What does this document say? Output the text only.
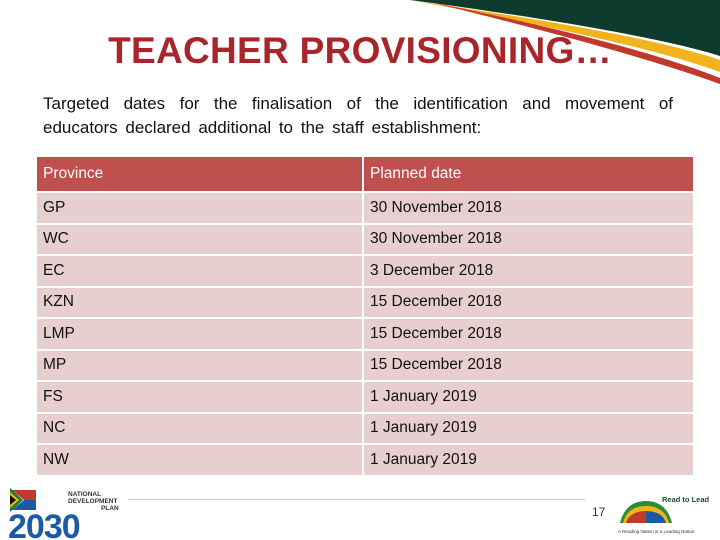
TEACHER PROVISIONING…

Targeted dates for the finalisation of the identification and movement of educators declared additional to the staff establishment:

Province	Planned date
GP	30 November 2018
WC	30 November 2018
EC	3 December 2018
KZN	15 December 2018
LMP	15 December 2018
MP	15 December 2018
FS	1 January 2019
NC	1 January 2019
NW	1 January 2019
17
NATIONAL
DEVELOPMENT
PLAN
2030
Read to Lead
A Reading Nation is a Leading Nation
